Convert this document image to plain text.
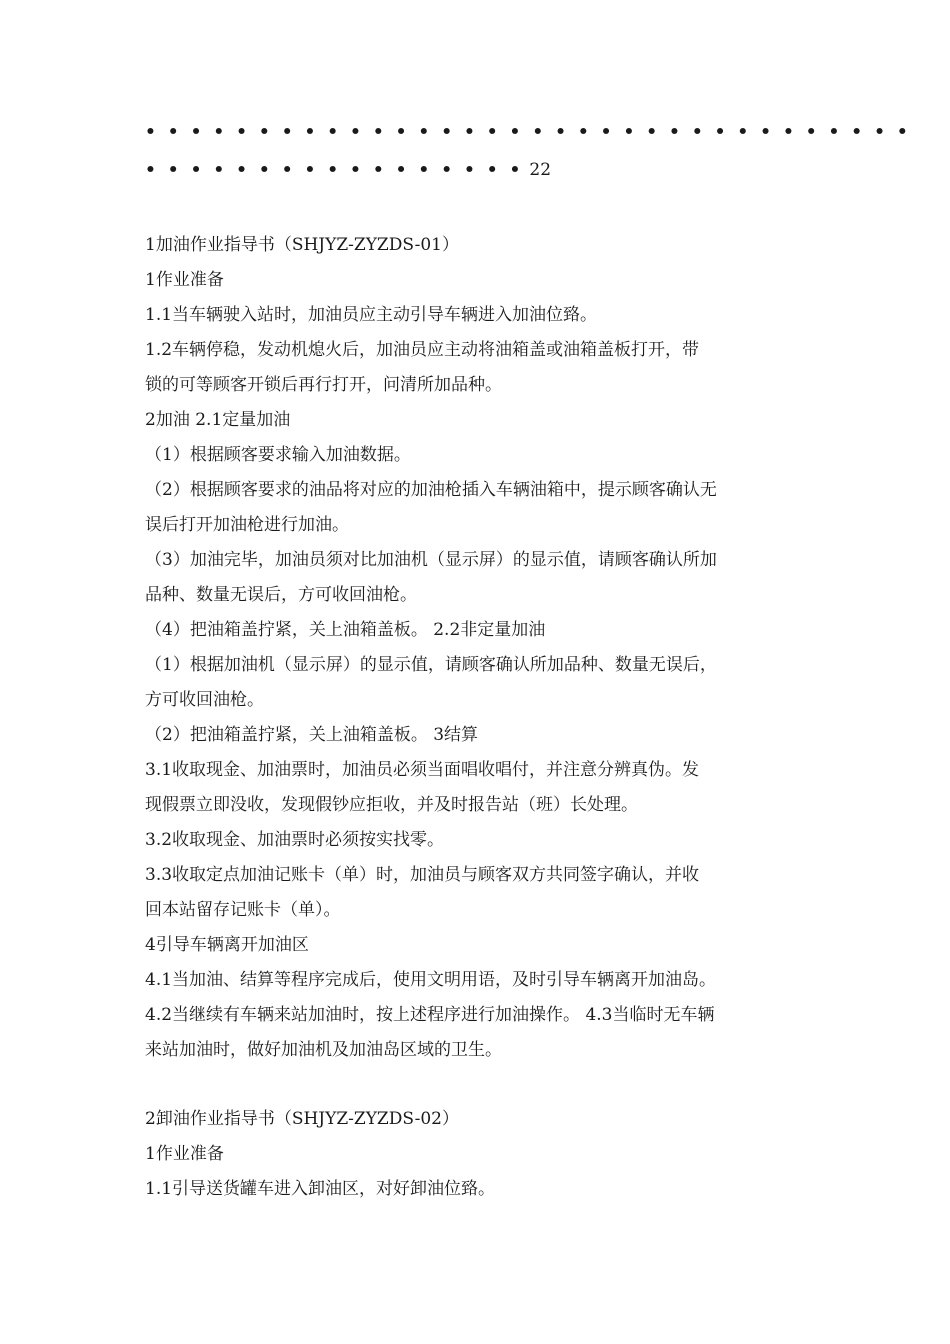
• • • • • • • • • • • • • • • • • • • • • • • • • • • • • • • • • •
• • • • • • • • • • • • • • • • • 22
1加油作业指导书（SHJYZ-ZYZDS-01）
1作业准备
1.1当车辆驶入站时，加油员应主动引导车辆进入加油位臵。
1.2车辆停稳，发动机熄火后，加油员应主动将油箱盖或油箱盖板打开，带
锁的可等顾客开锁后再行打开，问清所加品种。
2加油 2.1定量加油
（1）根据顾客要求输入加油数据。
（2）根据顾客要求的油品将对应的加油枪插入车辆油箱中，提示顾客确认无
误后打开加油枪进行加油。
（3）加油完毕，加油员须对比加油机（显示屏）的显示值，请顾客确认所加
品种、数量无误后，方可收回油枪。
（4）把油箱盖拧紧，关上油箱盖板。 2.2非定量加油
（1）根据加油机（显示屏）的显示值，请顾客确认所加品种、数量无误后，
方可收回油枪。
（2）把油箱盖拧紧，关上油箱盖板。 3结算
3.1收取现金、加油票时，加油员必须当面唱收唱付，并注意分辨真伪。发
现假票立即没收，发现假钞应拒收，并及时报告站（班）长处理。
3.2收取现金、加油票时必须按实找零。
3.3收取定点加油记账卡（单）时，加油员与顾客双方共同签字确认，并收
回本站留存记账卡（单）。
4引导车辆离开加油区
4.1当加油、结算等程序完成后，使用文明用语，及时引导车辆离开加油岛。
4.2当继续有车辆来站加油时，按上述程序进行加油操作。 4.3当临时无车辆
来站加油时，做好加油机及加油岛区域的卫生。
2卸油作业指导书（SHJYZ-ZYZDS-02）
1作业准备
1.1引导送货罐车进入卸油区，对好卸油位臵。
